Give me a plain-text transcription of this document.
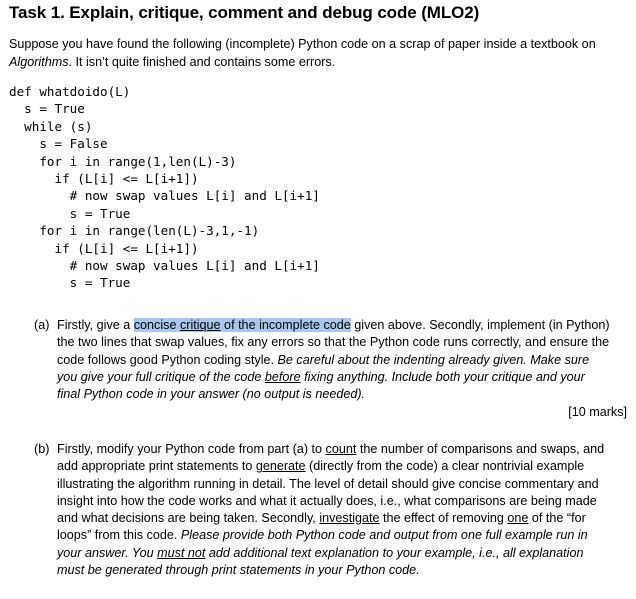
Task 1. Explain, critique, comment and debug code (MLO2)

Suppose you have found the following (incomplete) Python code on a scrap of paper inside a textbook on Algorithms. It isn’t quite finished and contains some errors.

def whatdoido(L)
s = True
while (s)
s = False
for i in range(1,len(L)-3)
if (L[i] <= L[i+1])
# now swap values L[i] and L[i+1]
s = True
for i in range(len(L)-3,1,-1)
if (L[i] <= L[i+1])
# now swap values L[i] and L[i+1]
s = True
(a) Firstly, give a concise critique of the incomplete code given above. Secondly, implement (in Python) the two lines that swap values, fix any errors so that the Python code runs correctly, and ensure the code follows good Python coding style. Be careful about the indenting already given. Make sure you give your full critique of the code before fixing anything. Include both your critique and your final Python code in your answer (no output is needed).

[10 marks]
(b) Firstly, modify your Python code from part (a) to count the number of comparisons and swaps, and add appropriate print statements to generate (directly from the code) a clear nontrivial example illustrating the algorithm running in detail. The level of detail should give concise commentary and insight into how the code works and what it actually does, i.e., what comparisons are being made and what decisions are being taken. Secondly, investigate the effect of removing one of the “for loops” from this code. Please provide both Python code and output from one full example run in your answer. You must not add additional text explanation to your example, i.e., all explanation must be generated through print statements in your Python code.
